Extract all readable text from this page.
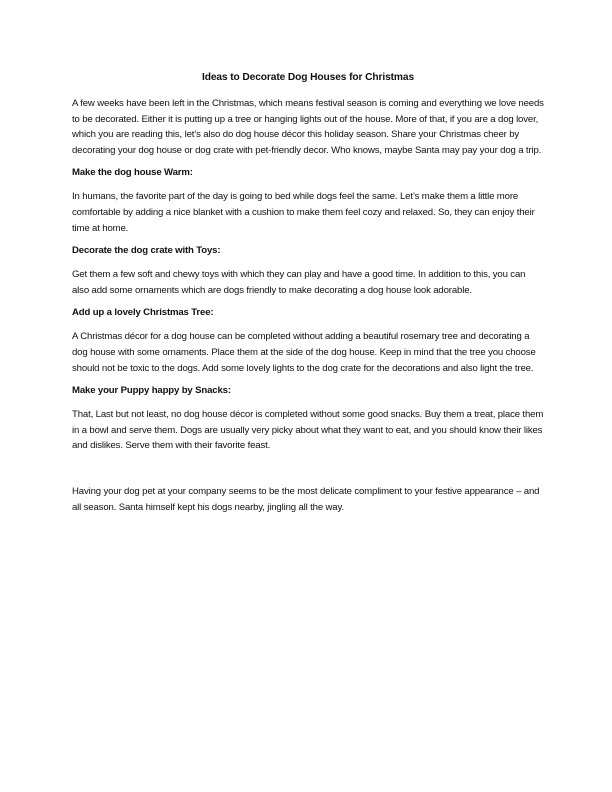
Ideas to Decorate Dog Houses for Christmas

A few weeks have been left in the Christmas, which means festival season is coming and everything we love needs to be decorated. Either it is putting up a tree or hanging lights out of the house. More of that, if you are a dog lover, which you are reading this, let’s also do dog house décor this holiday season. Share your Christmas cheer by decorating your dog house or dog crate with pet-friendly decor. Who knows, maybe Santa may pay your dog a trip.

Make the dog house Warm:

In humans, the favorite part of the day is going to bed while dogs feel the same. Let’s make them a little more comfortable by adding a nice blanket with a cushion to make them feel cozy and relaxed. So, they can enjoy their time at home.

Decorate the dog crate with Toys:

Get them a few soft and chewy toys with which they can play and have a good time. In addition to this, you can also add some ornaments which are dogs friendly to make decorating a dog house look adorable.

Add up a lovely Christmas Tree:

A Christmas décor for a dog house can be completed without adding a beautiful rosemary tree and decorating a dog house with some ornaments. Place them at the side of the dog house. Keep in mind that the tree you choose should not be toxic to the dogs. Add some lovely lights to the dog crate for the decorations and also light the tree.

Make your Puppy happy by Snacks:

That, Last but not least, no dog house décor is completed without some good snacks. Buy them a treat, place them in a bowl and serve them. Dogs are usually very picky about what they want to eat, and you should know their likes and dislikes. Serve them with their favorite feast.

Having your dog pet at your company seems to be the most delicate compliment to your festive appearance – and all season. Santa himself kept his dogs nearby, jingling all the way.
